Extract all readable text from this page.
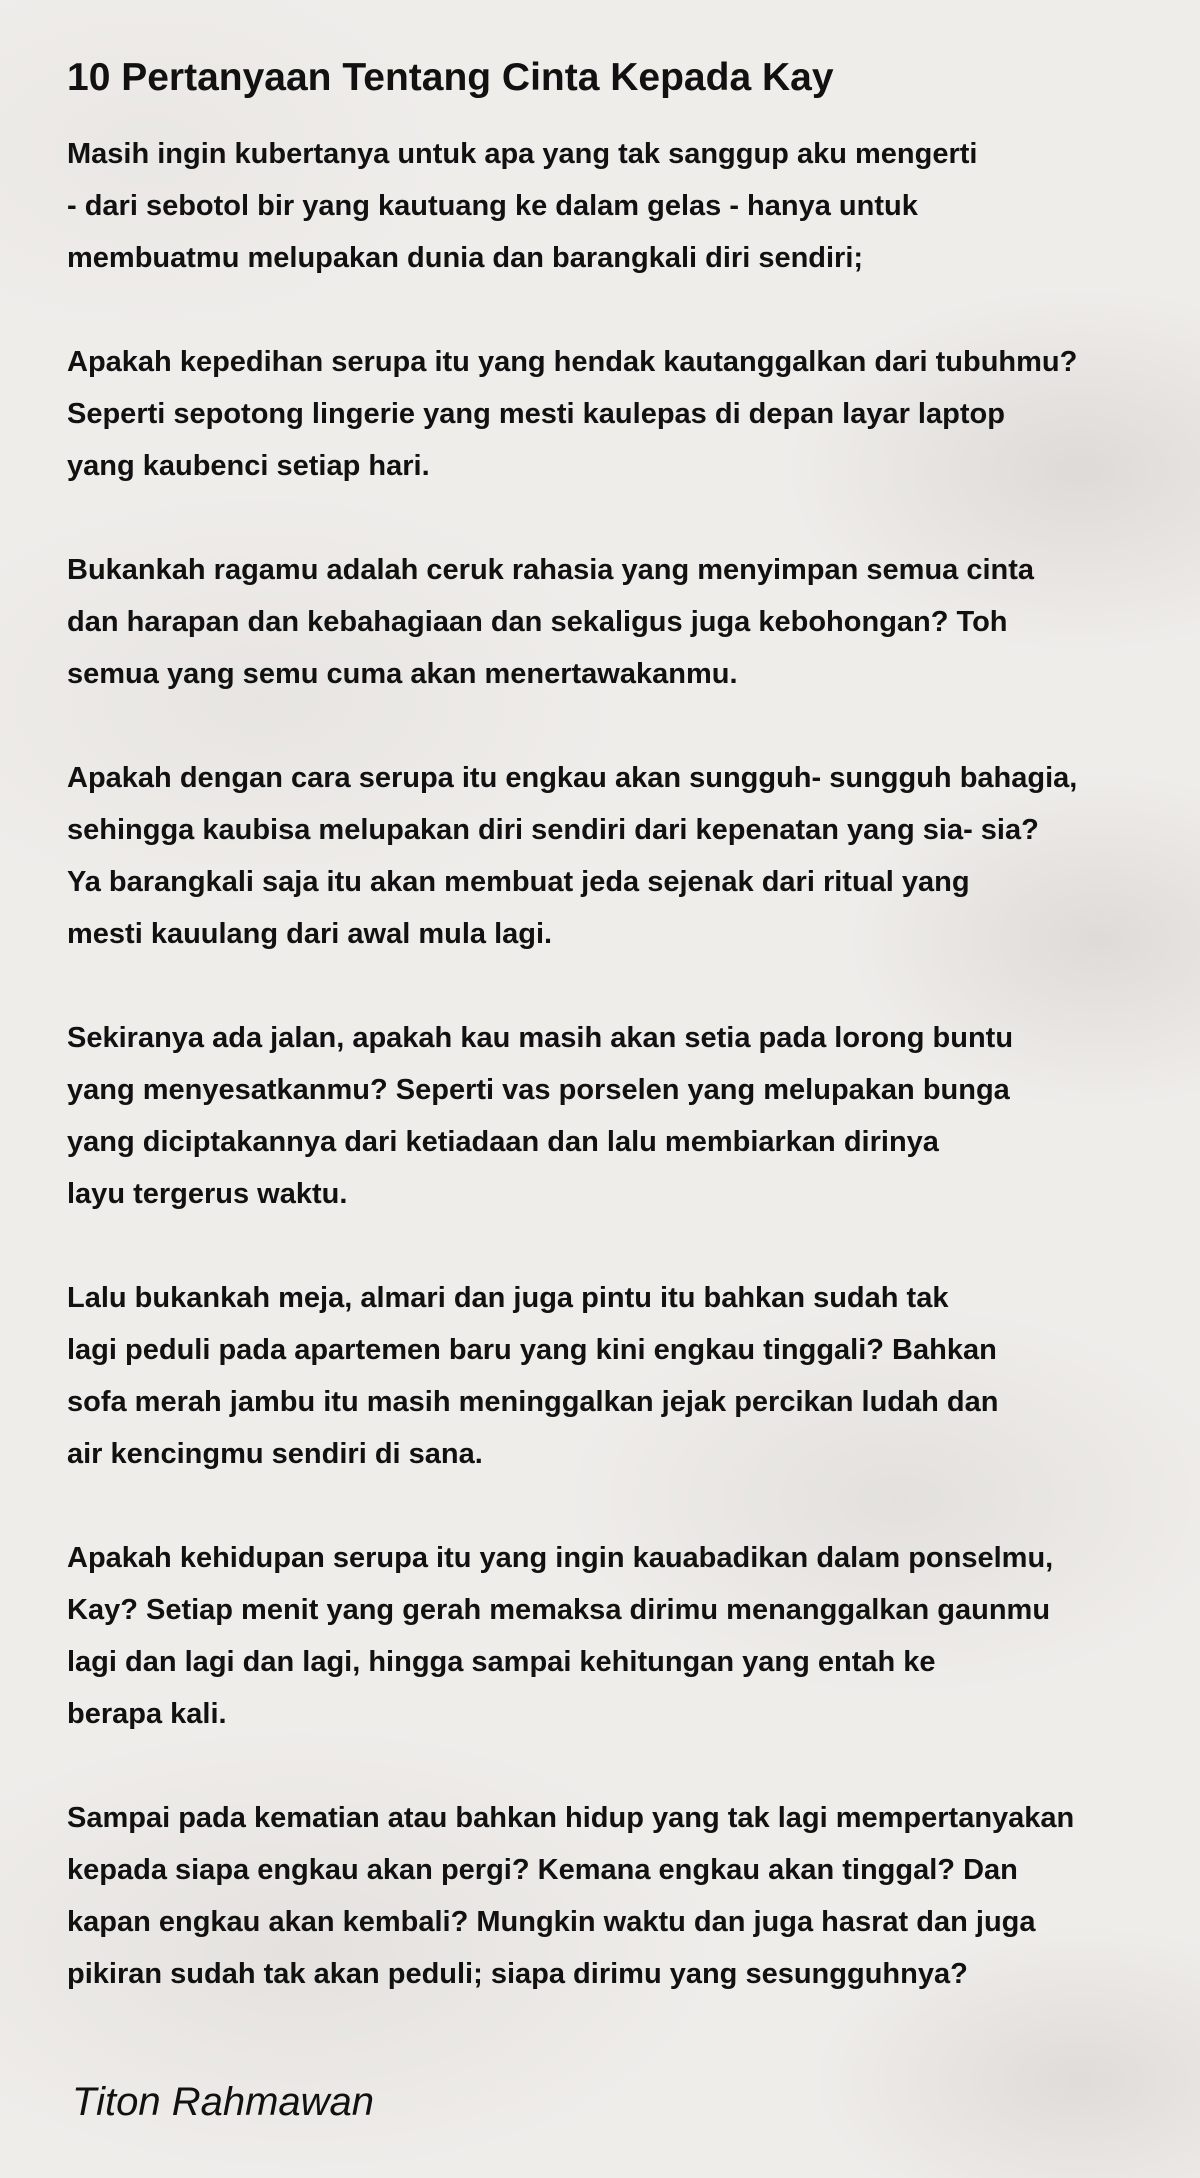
10 Pertanyaan Tentang Cinta Kepada Kay

Masih ingin kubertanya untuk apa yang tak sanggup aku mengerti
- dari sebotol bir yang kautuang ke dalam gelas - hanya untuk
membuatmu melupakan dunia dan barangkali diri sendiri;

Apakah kepedihan serupa itu yang hendak kautanggalkan dari tubuhmu?
Seperti sepotong lingerie yang mesti kaulepas di depan layar laptop
yang kaubenci setiap hari.

Bukankah ragamu adalah ceruk rahasia yang menyimpan semua cinta
dan harapan dan kebahagiaan dan sekaligus juga kebohongan? Toh
semua yang semu cuma akan menertawakanmu.

Apakah dengan cara serupa itu engkau akan sungguh- sungguh bahagia,
sehingga kaubisa melupakan diri sendiri dari kepenatan yang sia- sia?
Ya barangkali saja itu akan membuat jeda sejenak dari ritual yang
mesti kauulang dari awal mula lagi.

Sekiranya ada jalan, apakah kau masih akan setia pada lorong buntu
yang menyesatkanmu? Seperti vas porselen yang melupakan bunga
yang diciptakannya dari ketiadaan dan lalu membiarkan dirinya
layu tergerus waktu.

Lalu bukankah meja, almari dan juga pintu itu bahkan sudah tak
lagi peduli pada apartemen baru yang kini engkau tinggali? Bahkan
sofa merah jambu itu masih meninggalkan jejak percikan ludah dan
air kencingmu sendiri di sana.

Apakah kehidupan serupa itu yang ingin kauabadikan dalam ponselmu,
Kay? Setiap menit yang gerah memaksa dirimu menanggalkan gaunmu
lagi dan lagi dan lagi, hingga sampai kehitungan yang entah ke
berapa kali.

Sampai pada kematian atau bahkan hidup yang tak lagi mempertanyakan
kepada siapa engkau akan pergi? Kemana engkau akan tinggal? Dan
kapan engkau akan kembali? Mungkin waktu dan juga hasrat dan juga
pikiran sudah tak akan peduli; siapa dirimu yang sesungguhnya?

Titon Rahmawan
